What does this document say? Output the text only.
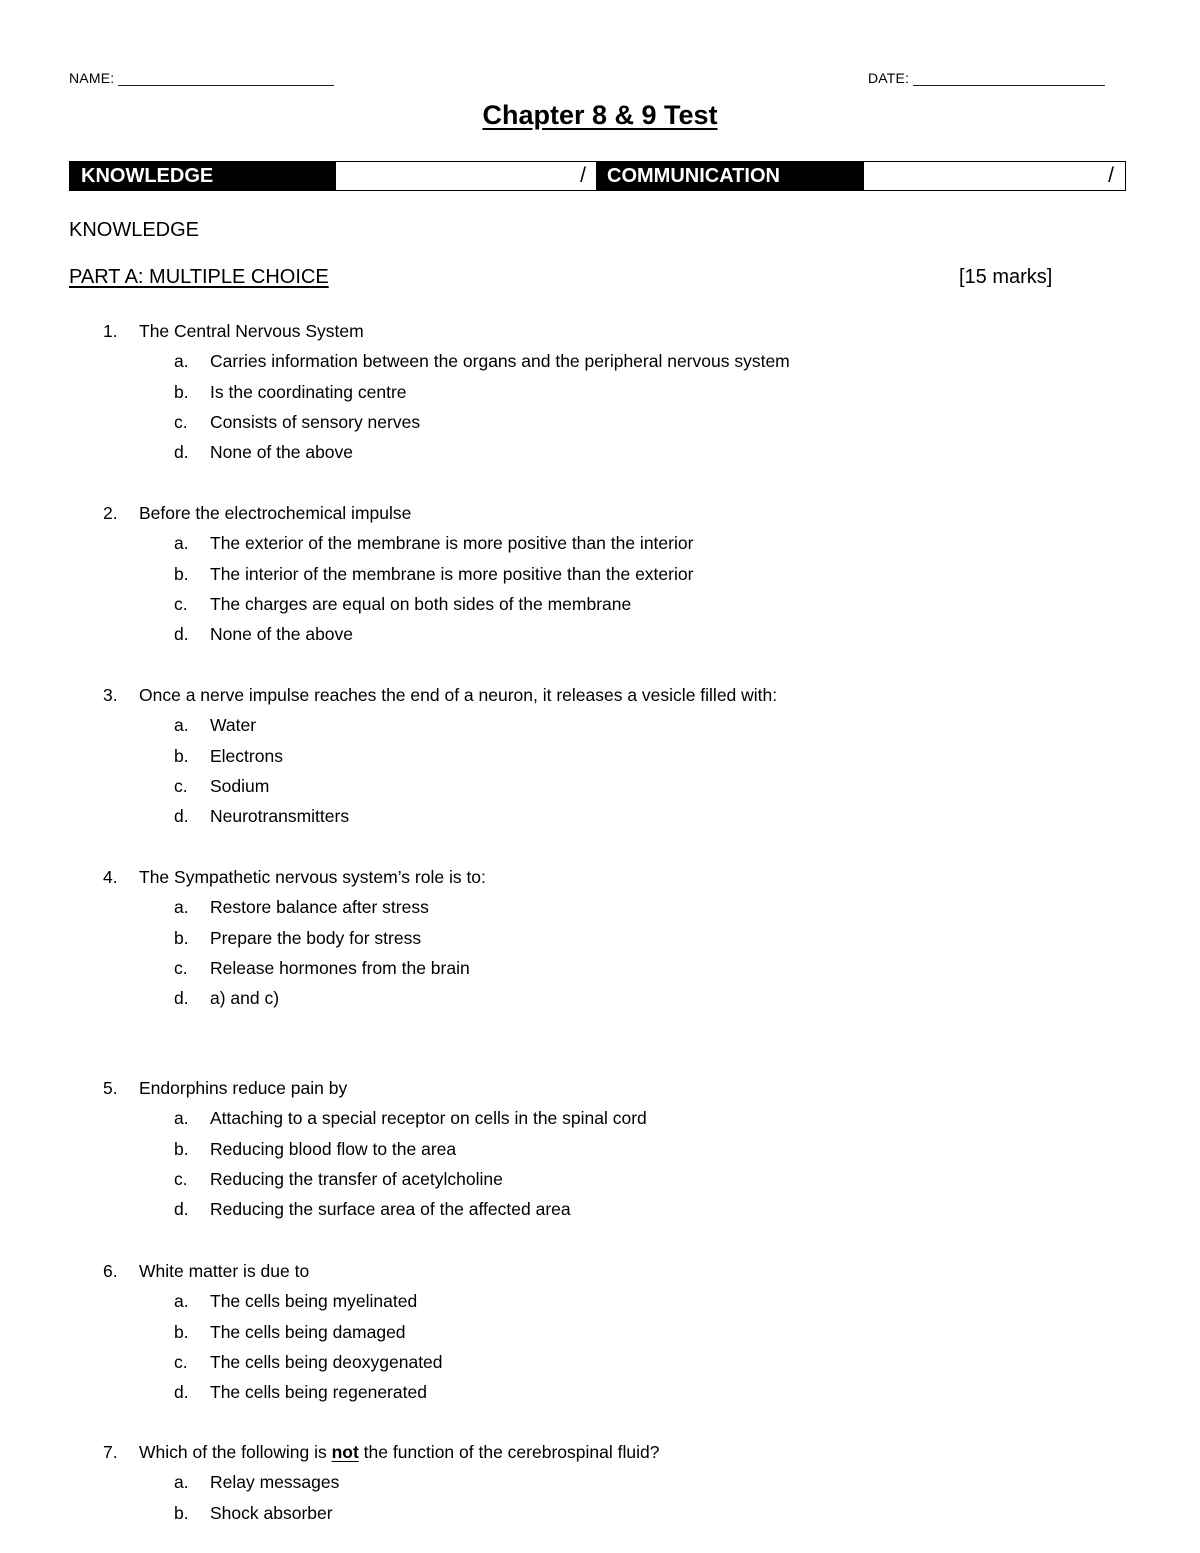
NAME: ___________________________	DATE: ________________________
Chapter 8 & 9 Test
KNOWLEDGE	/	COMMUNICATION	/
KNOWLEDGE
PART A: MULTIPLE CHOICE	[15 marks]
1.	The Central Nervous System
a. Carries information between the organs and the peripheral nervous system
b. Is the coordinating centre
c. Consists of sensory nerves
d. None of the above
2.	Before the electrochemical impulse
a. The exterior of the membrane is more positive than the interior
b. The interior of the membrane is more positive than the exterior
c. The charges are equal on both sides of the membrane
d. None of the above
3.	Once a nerve impulse reaches the end of a neuron, it releases a vesicle filled with:
a. Water
b. Electrons
c. Sodium
d. Neurotransmitters
4.	The Sympathetic nervous system’s role is to:
a. Restore balance after stress
b. Prepare the body for stress
c. Release hormones from the brain
d. a) and c)
5.	Endorphins reduce pain by
a. Attaching to a special receptor on cells in the spinal cord
b. Reducing blood flow to the area
c. Reducing the transfer of acetylcholine
d. Reducing the surface area of the affected area
6.	White matter is due to
a. The cells being myelinated
b. The cells being damaged
c. The cells being deoxygenated
d. The cells being regenerated
7.	Which of the following is not the function of the cerebrospinal fluid?
a. Relay messages
b. Shock absorber
